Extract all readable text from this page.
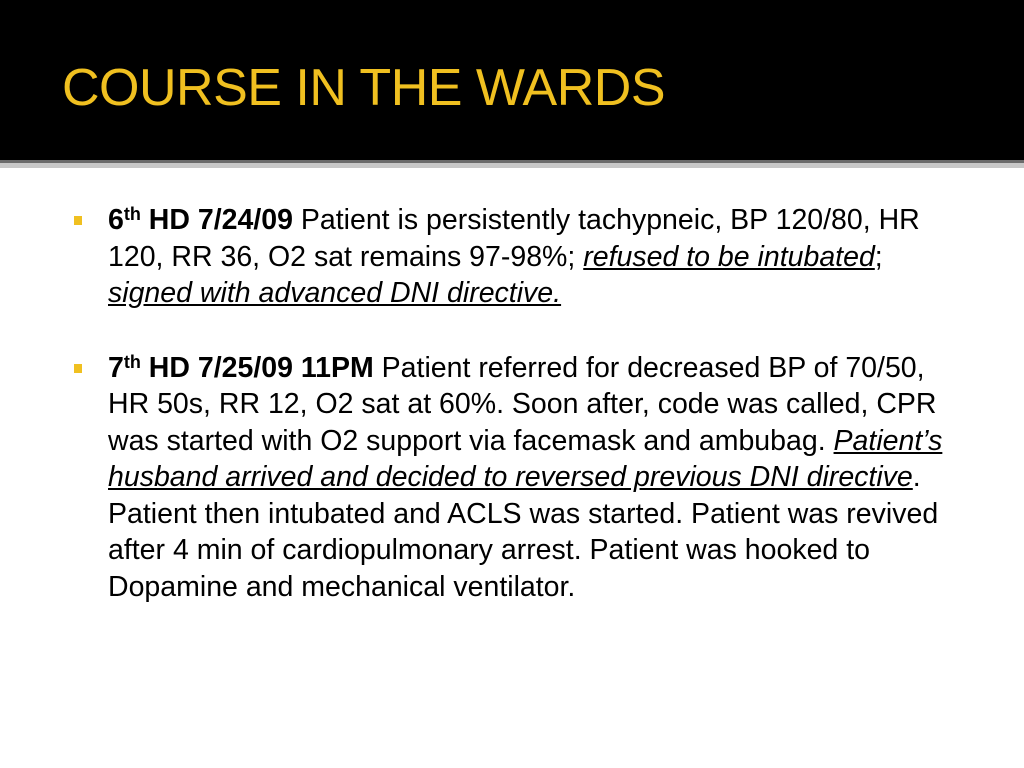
COURSE IN THE WARDS
6th HD 7/24/09 Patient is persistently tachypneic, BP 120/80, HR 120, RR 36, O2 sat remains 97-98%; refused to be intubated; signed with advanced DNI directive.
7th HD 7/25/09 11PM Patient referred for decreased BP of 70/50, HR 50s, RR 12, O2 sat at 60%. Soon after, code was called, CPR was started with O2 support via facemask and ambubag. Patient’s husband arrived and decided to reversed previous DNI directive. Patient then intubated and ACLS was started. Patient was revived after 4 min of cardiopulmonary arrest. Patient was hooked to Dopamine and mechanical ventilator.
